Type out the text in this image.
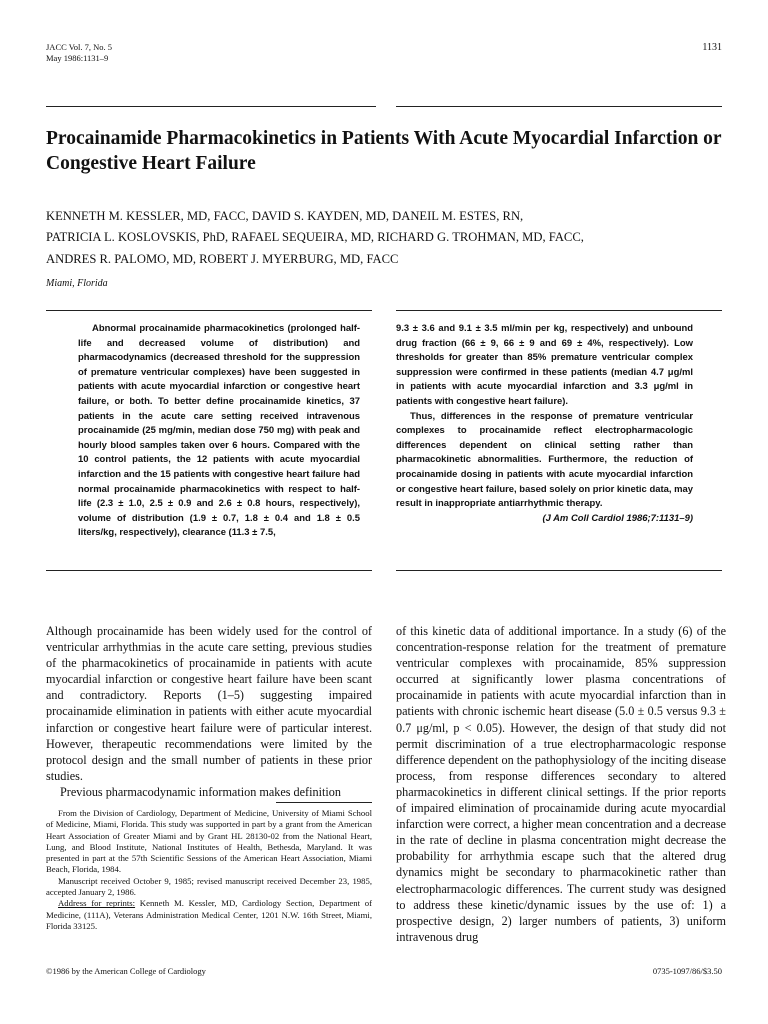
JACC Vol. 7, No. 5
May 1986:1131–9
1131
Procainamide Pharmacokinetics in Patients With Acute Myocardial Infarction or Congestive Heart Failure
KENNETH M. KESSLER, MD, FACC, DAVID S. KAYDEN, MD, DANEIL M. ESTES, RN,
PATRICIA L. KOSLOVSKIS, PhD, RAFAEL SEQUEIRA, MD, RICHARD G. TROHMAN, MD, FACC,
ANDRES R. PALOMO, MD, ROBERT J. MYERBURG, MD, FACC
Miami, Florida

Abnormal procainamide pharmacokinetics (prolonged half-life and decreased volume of distribution) and pharmacodynamics (decreased threshold for the suppression of premature ventricular complexes) have been suggested in patients with acute myocardial infarction or congestive heart failure, or both. To better define procainamide kinetics, 37 patients in the acute care setting received intravenous procainamide (25 mg/min, median dose 750 mg) with peak and hourly blood samples taken over 6 hours. Compared with the 10 control patients, the 12 patients with acute myocardial infarction and the 15 patients with congestive heart failure had normal procainamide pharmacokinetics with respect to half-life (2.3 ± 1.0, 2.5 ± 0.9 and 2.6 ± 0.8 hours, respectively), volume of distribution (1.9 ± 0.7, 1.8 ± 0.4 and 1.8 ± 0.5 liters/kg, respectively), clearance (11.3 ± 7.5,

9.3 ± 3.6 and 9.1 ± 3.5 ml/min per kg, respectively) and unbound drug fraction (66 ± 9, 66 ± 9 and 69 ± 4%, respectively). Low thresholds for greater than 85% premature ventricular complex suppression were confirmed in these patients (median 4.7 μg/ml in patients with acute myocardial infarction and 3.3 μg/ml in patients with congestive heart failure).

Thus, differences in the response of premature ventricular complexes to procainamide reflect electropharmacologic differences dependent on clinical setting rather than pharmacokinetic abnormalities. Furthermore, the reduction of procainamide dosing in patients with acute myocardial infarction or congestive heart failure, based solely on prior kinetic data, may result in inappropriate antiarrhythmic therapy.

(J Am Coll Cardiol 1986;7:1131–9)

Although procainamide has been widely used for the control of ventricular arrhythmias in the acute care setting, previous studies of the pharmacokinetics of procainamide in patients with acute myocardial infarction or congestive heart failure have been scant and contradictory. Reports (1–5) suggesting impaired procainamide elimination in patients with either acute myocardial infarction or congestive heart failure were of particular interest. However, therapeutic recommendations were limited by the protocol design and the small number of patients in these prior studies.

Previous pharmacodynamic information makes definition

of this kinetic data of additional importance. In a study (6) of the concentration-response relation for the treatment of premature ventricular complexes with procainamide, 85% suppression occurred at significantly lower plasma concentrations of procainamide in patients with acute myocardial infarction than in patients with chronic ischemic heart disease (5.0 ± 0.5 versus 9.3 ± 0.7 μg/ml, p < 0.05). However, the design of that study did not permit discrimination of a true electropharmacologic response difference dependent on the pathophysiology of the inciting disease process, from response differences secondary to altered pharmacokinetics in different clinical settings. If the prior reports of impaired elimination of procainamide during acute myocardial infarction were correct, a higher mean concentration and a decrease in the rate of decline in plasma concentration might decrease the probability for arrhythmia escape such that the altered drug dynamics might be secondary to pharmacokinetic rather than electropharmacologic differences. The current study was designed to address these kinetic/dynamic issues by the use of: 1) a prospective design, 2) larger numbers of patients, 3) uniform intravenous drug

From the Division of Cardiology, Department of Medicine, University of Miami School of Medicine, Miami, Florida. This study was supported in part by a grant from the American Heart Association of Greater Miami and by Grant HL 28130-02 from the National Heart, Lung, and Blood Institute, National Institutes of Health, Bethesda, Maryland. It was presented in part at the 57th Scientific Sessions of the American Heart Association, Miami Beach, Florida, 1984.

Manuscript received October 9, 1985; revised manuscript received December 23, 1985, accepted January 2, 1986.

Address for reprints: Kenneth M. Kessler, MD, Cardiology Section, Department of Medicine, (111A), Veterans Administration Medical Center, 1201 N.W. 16th Street, Miami, Florida 33125.

©1986 by the American College of Cardiology	0735-1097/86/$3.50
